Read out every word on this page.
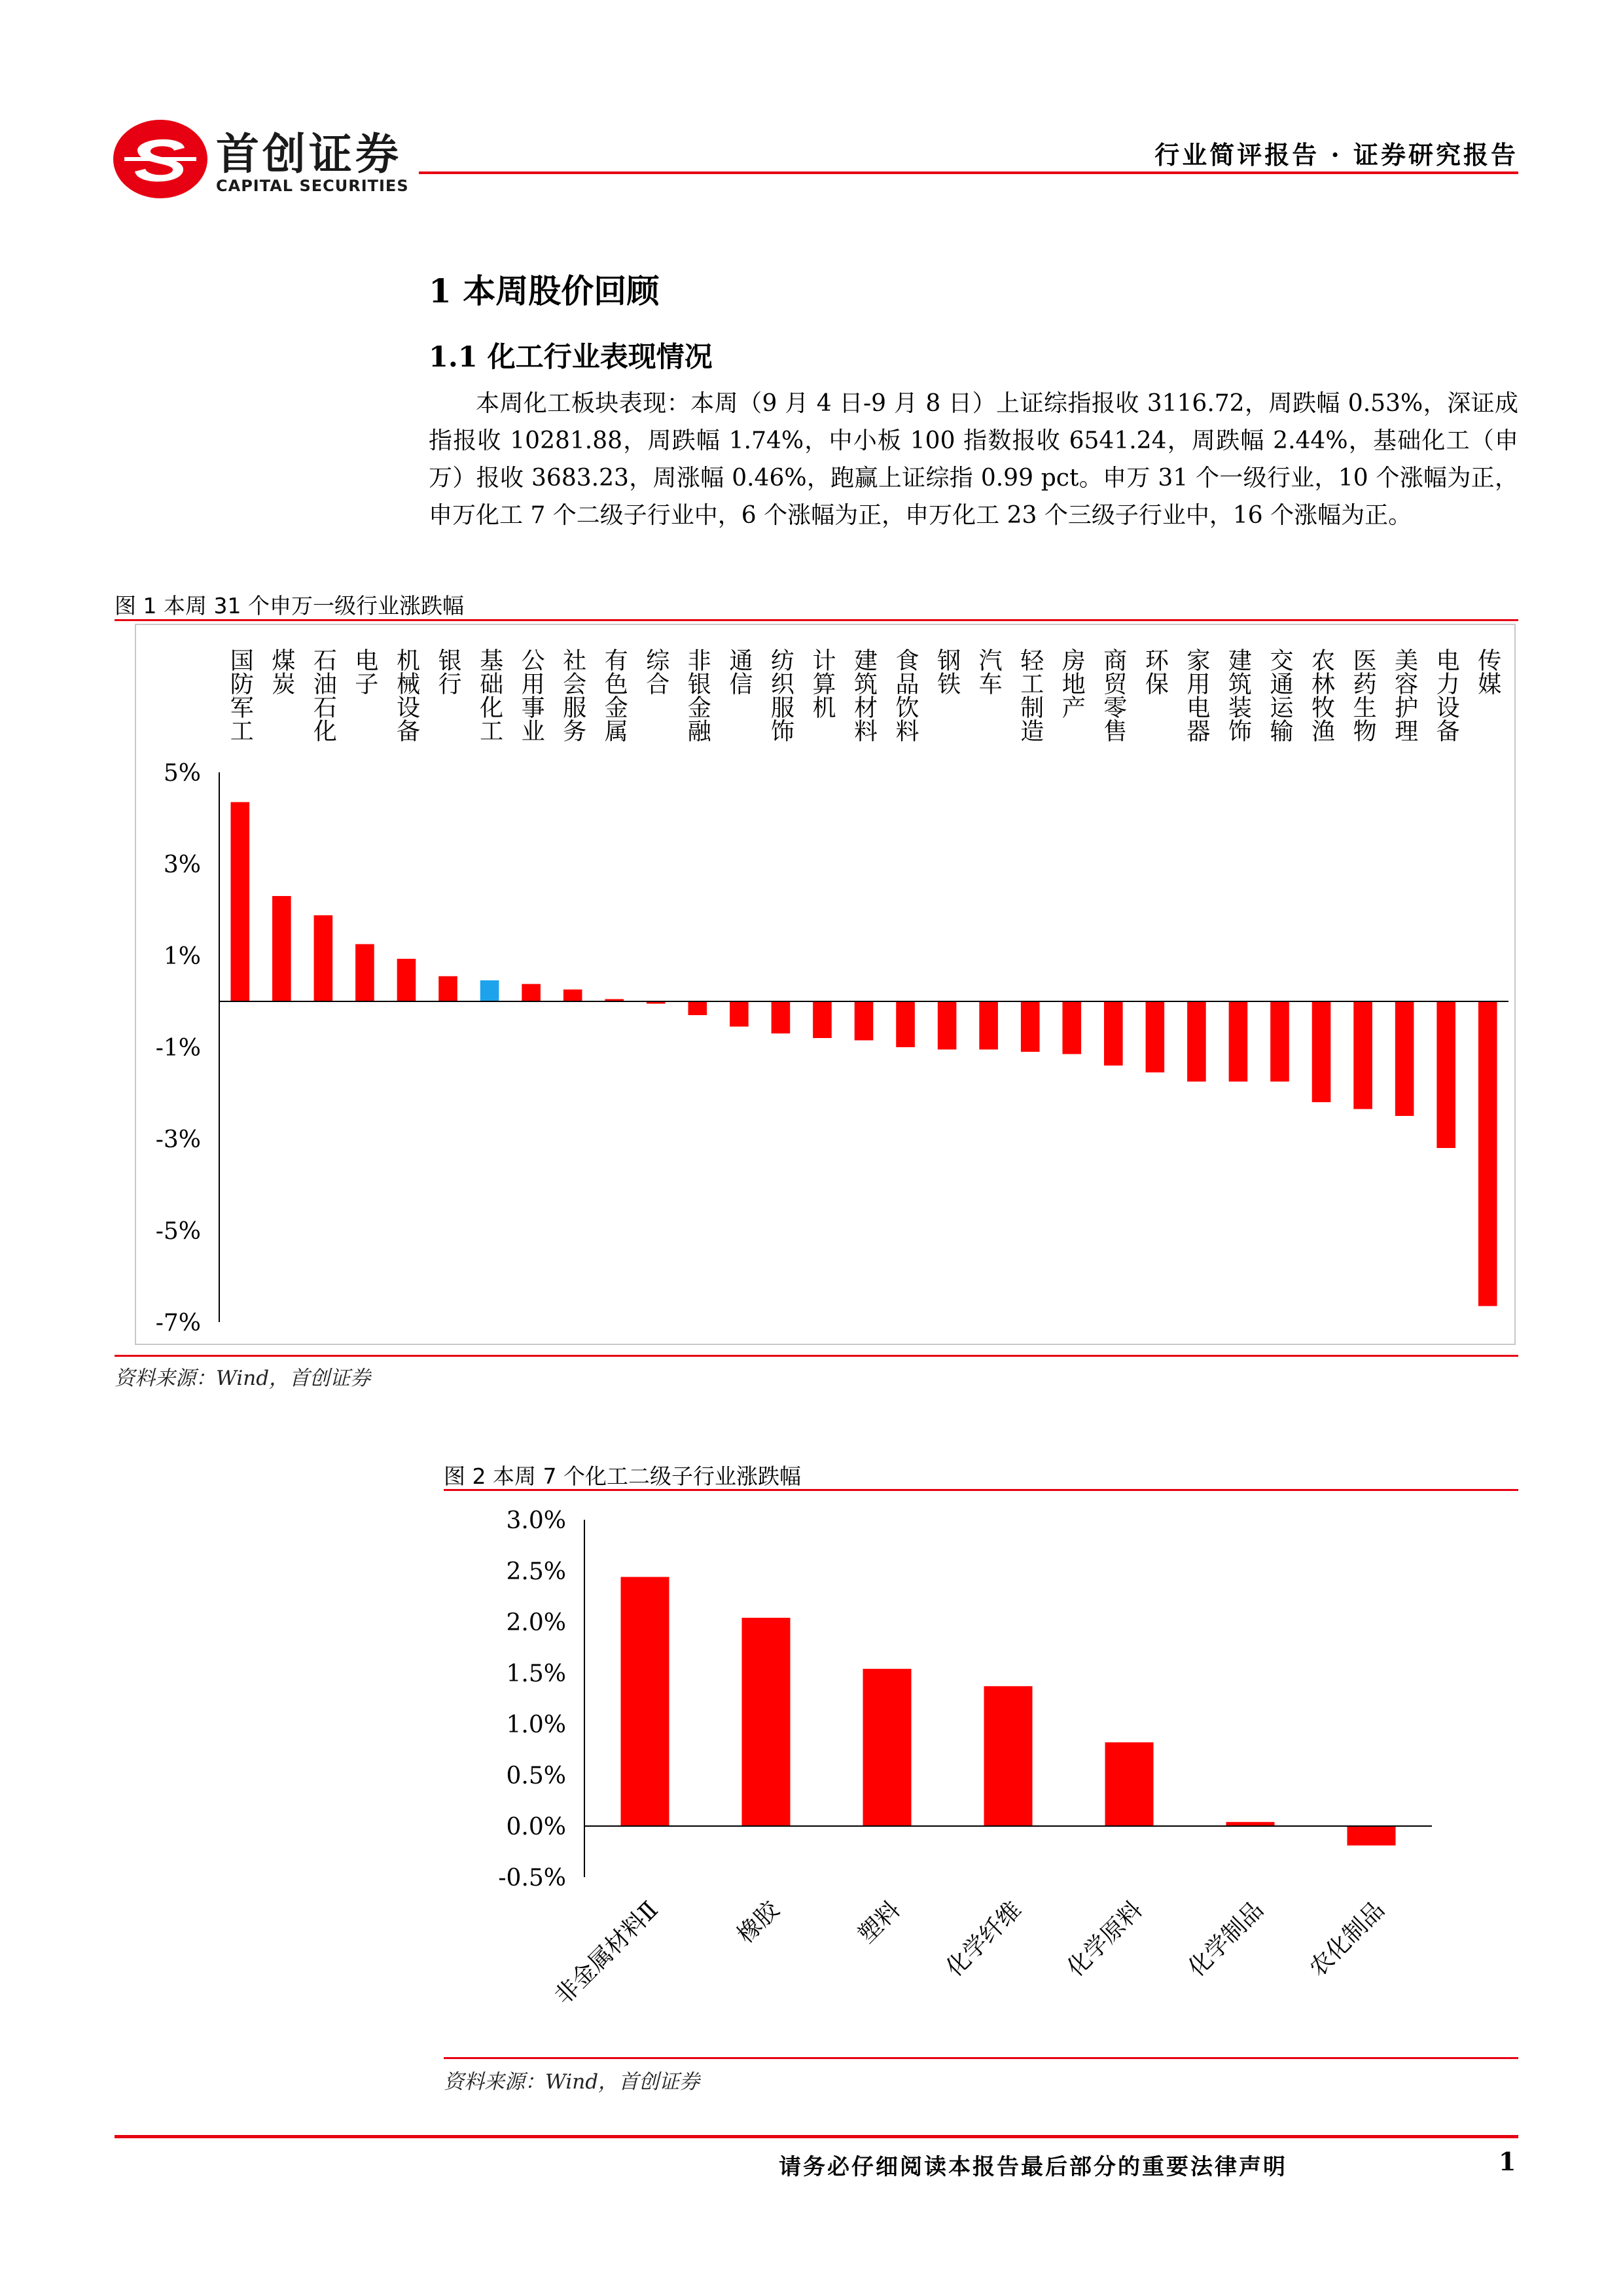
首创证券
CAPITAL SECURITIES
行业简评报告 · 证券研究报告
1 本周股价回顾
1.1 化工行业表现情况
本周化工板块表现：本周（9 月 4 日-9 月 8 日）上证综指报收 3116.72，周跌幅 0.53%，深证成指报收 10281.88，周跌幅 1.74%，中小板 100 指数报收 6541.24，周跌幅 2.44%，基础化工（申万）报收 3683.23，周涨幅 0.46%，跑赢上证综指 0.99 pct。申万 31 个一级行业，10 个涨幅为正，申万化工 7 个二级子行业中，6 个涨幅为正，申万化工 23 个三级子行业中，16 个涨幅为正。
图 1 本周 31 个申万一级行业涨跌幅
5%
3%
1%
-1%
-3%
-5%
-7%
国防军工 煤炭 石油石化 电子 机械设备 银行 基础化工 公用事业 社会服务 有色金属 综合 非银金融 通信 纺织服饰 计算机 建筑材料 食品饮料 钢铁 汽车 轻工制造 房地产 商贸零售 环保 家用电器 建筑装饰 交通运输 农林牧渔 医药生物 美容护理 电力设备 传媒
资料来源：Wind，首创证券
图 2 本周 7 个化工二级子行业涨跌幅
3.0%
2.5%
2.0%
1.5%
1.0%
0.5%
0.0%
-0.5%
非金属材料Ⅱ	橡胶	塑料 化学纤维 化学原料 化学制品 农化制品
资料来源：Wind，首创证券
请务必仔细阅读本报告最后部分的重要法律声明	1
